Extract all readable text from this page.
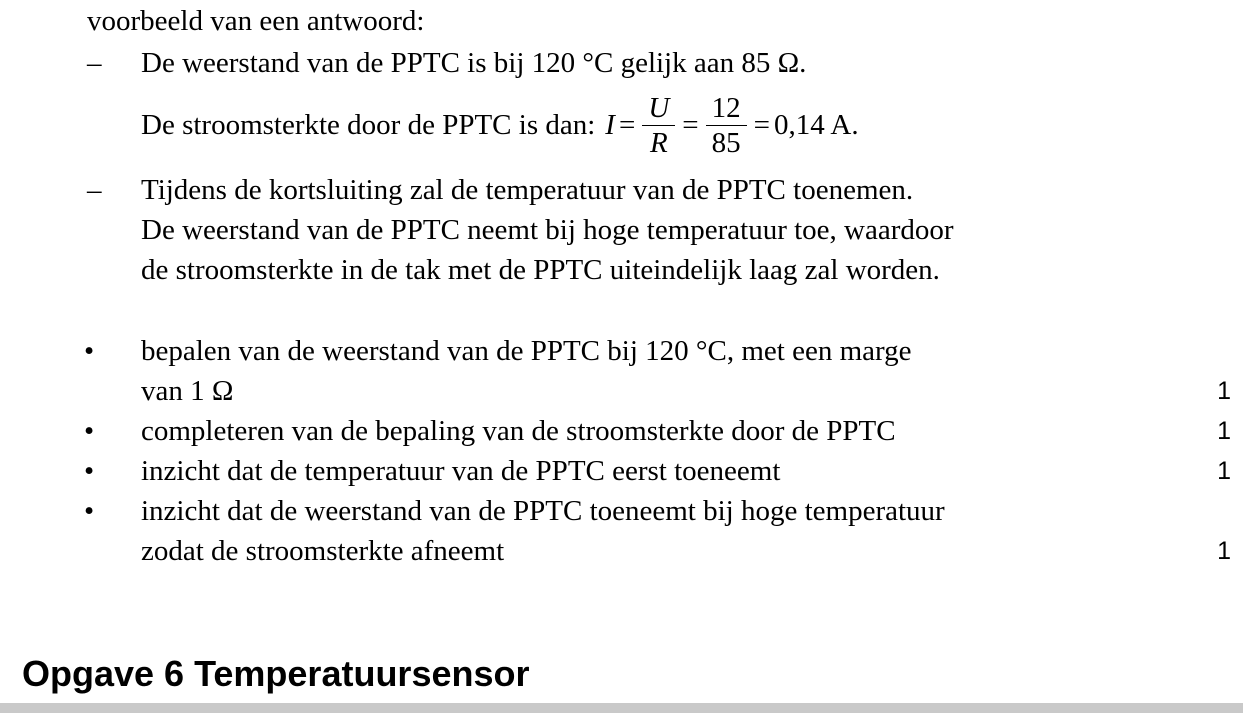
voorbeeld van een antwoord:
– De weerstand van de PPTC is bij 120 °C gelijk aan 85 Ω.
De stroomsterkte door de PPTC is dan: $I = \frac{U}{R} = \frac{12}{85} = 0,14$ A.
– Tijdens de kortsluiting zal de temperatuur van de PPTC toenemen.
De weerstand van de PPTC neemt bij hoge temperatuur toe, waardoor
de stroomsterkte in de tak met de PPTC uiteindelijk laag zal worden.
• bepalen van de weerstand van de PPTC bij 120 °C, met een marge
van 1 Ω	1
• completeren van de bepaling van de stroomsterkte door de PPTC	1
• inzicht dat de temperatuur van de PPTC eerst toeneemt	1
• inzicht dat de weerstand van de PPTC toeneemt bij hoge temperatuur
zodat de stroomsterkte afneemt	1
Opgave 6 Temperatuursensor
